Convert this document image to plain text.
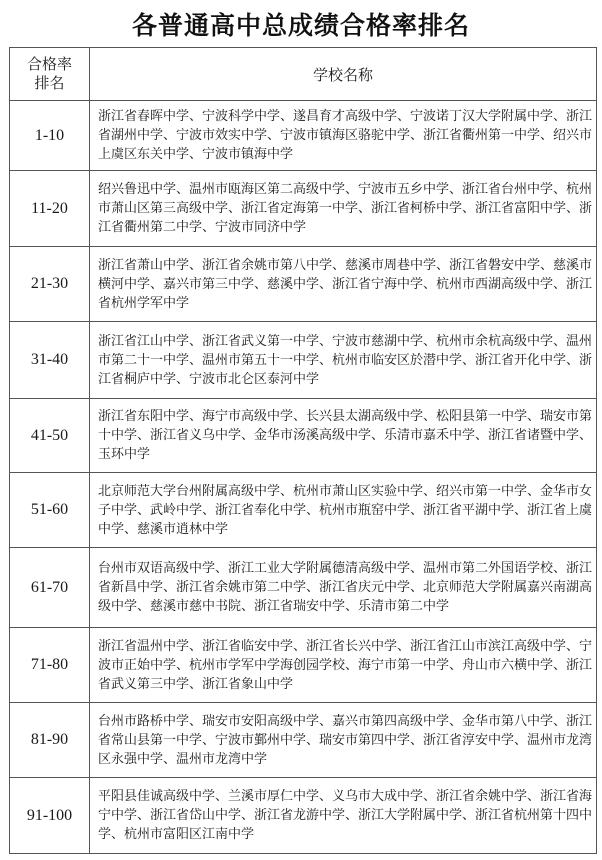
各普通高中总成绩合格率排名
合格率
排名	学校名称
1-10	浙江省春晖中学、宁波科学中学、遂昌育才高级中学、宁波诺丁汉大学附属中学、浙江省湖州中学、宁波市效实中学、宁波市镇海区骆驼中学、浙江省衢州第一中学、绍兴市上虞区东关中学、宁波市镇海中学
11-20	绍兴鲁迅中学、温州市瓯海区第二高级中学、宁波市五乡中学、浙江省台州中学、杭州市萧山区第三高级中学、浙江省定海第一中学、浙江省柯桥中学、浙江省富阳中学、浙江省衢州第二中学、宁波市同济中学
21-30	浙江省萧山中学、浙江省余姚市第八中学、慈溪市周巷中学、浙江省磐安中学、慈溪市横河中学、嘉兴市第三中学、慈溪中学、浙江省宁海中学、杭州市西湖高级中学、浙江省杭州学军中学
31-40	浙江省江山中学、浙江省武义第一中学、宁波市慈湖中学、杭州市余杭高级中学、温州市第二十一中学、温州市第五十一中学、杭州市临安区於潜中学、浙江省开化中学、浙江省桐庐中学、宁波市北仑区泰河中学
41-50	浙江省东阳中学、海宁市高级中学、长兴县太湖高级中学、松阳县第一中学、瑞安市第十中学、浙江省义乌中学、金华市汤溪高级中学、乐清市嘉禾中学、浙江省诸暨中学、玉环中学
51-60	北京师范大学台州附属高级中学、杭州市萧山区实验中学、绍兴市第一中学、金华市女子中学、武岭中学、浙江省奉化中学、杭州市瓶窑中学、浙江省平湖中学、浙江省上虞中学、慈溪市逍林中学
61-70	台州市双语高级中学、浙江工业大学附属德清高级中学、温州市第二外国语学校、浙江省新昌中学、浙江省余姚市第二中学、浙江省庆元中学、北京师范大学附属嘉兴南湖高级中学、慈溪市慈中书院、浙江省瑞安中学、乐清市第二中学
71-80	浙江省温州中学、浙江省临安中学、浙江省长兴中学、浙江省江山市滨江高级中学、宁波市正始中学、杭州市学军中学海创园学校、海宁市第一中学、舟山市六横中学、浙江省武义第三中学、浙江省象山中学
81-90	台州市路桥中学、瑞安市安阳高级中学、嘉兴市第四高级中学、金华市第八中学、浙江省常山县第一中学、宁波市鄞州中学、瑞安市第四中学、浙江省淳安中学、温州市龙湾区永强中学、温州市龙湾中学
91-100	平阳县佳诚高级中学、兰溪市厚仁中学、义乌市大成中学、浙江省余姚中学、浙江省海宁中学、浙江省岱山中学、浙江省龙游中学、浙江大学附属中学、浙江省杭州第十四中学、杭州市富阳区江南中学
